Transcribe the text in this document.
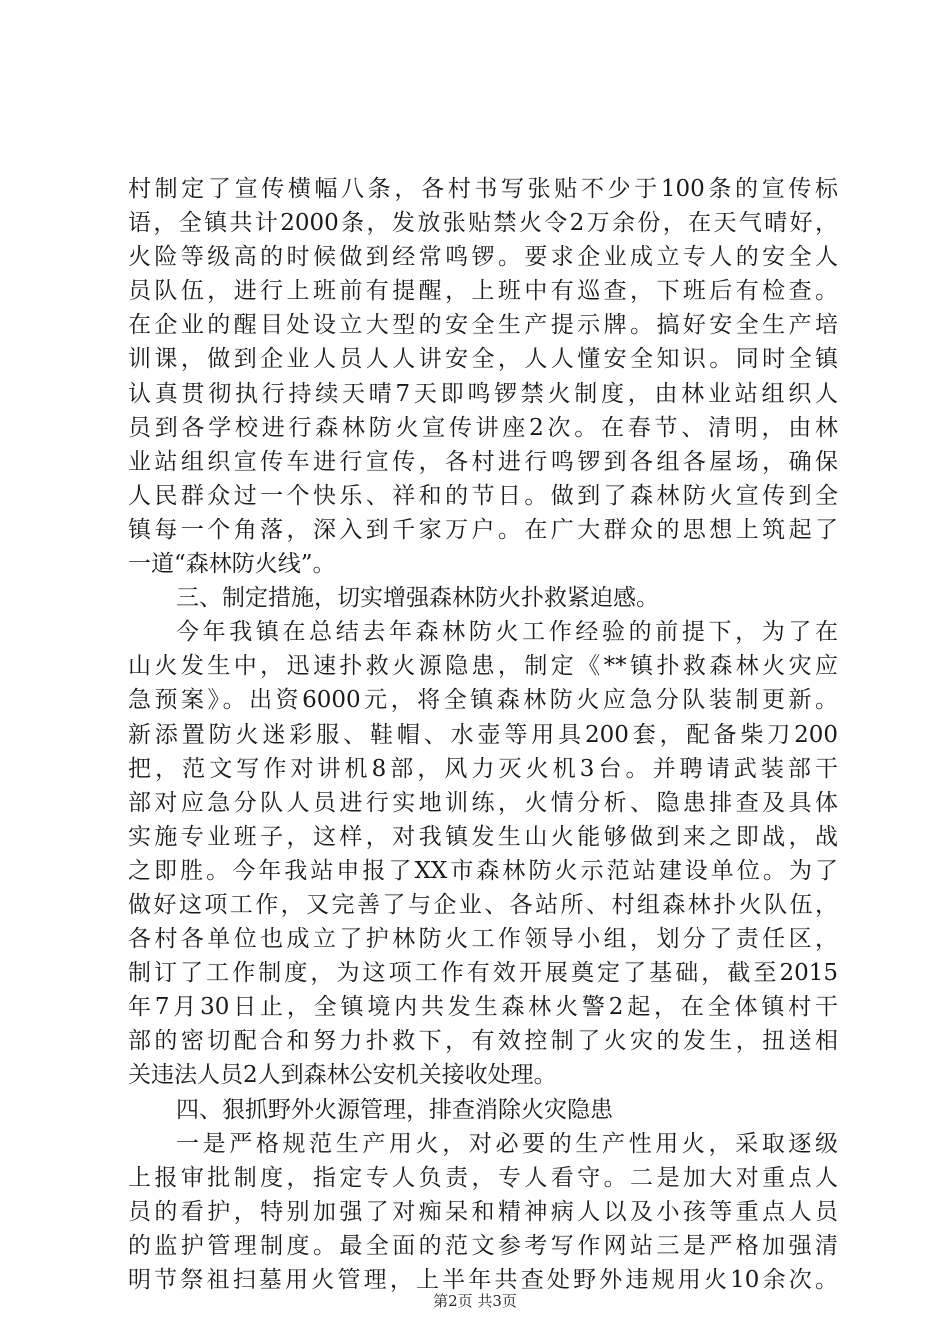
村制定了宣传横幅八条，各村书写张贴不少于100条的宣传标
语，全镇共计2000条，发放张贴禁火令2万余份，在天气晴好，
火险等级高的时候做到经常鸣锣。要求企业成立专人的安全人
员队伍，进行上班前有提醒，上班中有巡查，下班后有检查。
在企业的醒目处设立大型的安全生产提示牌。搞好安全生产培
训课，做到企业人员人人讲安全，人人懂安全知识。同时全镇
认真贯彻执行持续天晴7天即鸣锣禁火制度，由林业站组织人
员到各学校进行森林防火宣传讲座2次。在春节、清明，由林
业站组织宣传车进行宣传，各村进行鸣锣到各组各屋场，确保
人民群众过一个快乐、祥和的节日。做到了森林防火宣传到全
镇每一个角落，深入到千家万户。在广大群众的思想上筑起了
一道“森林防火线”。
三、制定措施，切实增强森林防火扑救紧迫感。
今年我镇在总结去年森林防火工作经验的前提下，为了在
山火发生中，迅速扑救火源隐患，制定《**镇扑救森林火灾应
急预案》。出资6000元，将全镇森林防火应急分队装制更新。
新添置防火迷彩服、鞋帽、水壶等用具200套，配备柴刀200
把，范文写作对讲机8部，风力灭火机3台。并聘请武装部干
部对应急分队人员进行实地训练，火情分析、隐患排查及具体
实施专业班子，这样，对我镇发生山火能够做到来之即战，战
之即胜。今年我站申报了XX市森林防火示范站建设单位。为了
做好这项工作，又完善了与企业、各站所、村组森林扑火队伍，
各村各单位也成立了护林防火工作领导小组，划分了责任区，
制订了工作制度，为这项工作有效开展奠定了基础，截至2015
年7月30日止，全镇境内共发生森林火警2起，在全体镇村干
部的密切配合和努力扑救下，有效控制了火灾的发生，扭送相
关违法人员2人到森林公安机关接收处理。
四、狠抓野外火源管理，排查消除火灾隐患
一是严格规范生产用火，对必要的生产性用火，采取逐级
上报审批制度，指定专人负责，专人看守。二是加大对重点人
员的看护，特别加强了对痴呆和精神病人以及小孩等重点人员
的监护管理制度。最全面的范文参考写作网站三是严格加强清
明节祭祖扫墓用火管理，上半年共查处野外违规用火10余次。
第2页 共3页
